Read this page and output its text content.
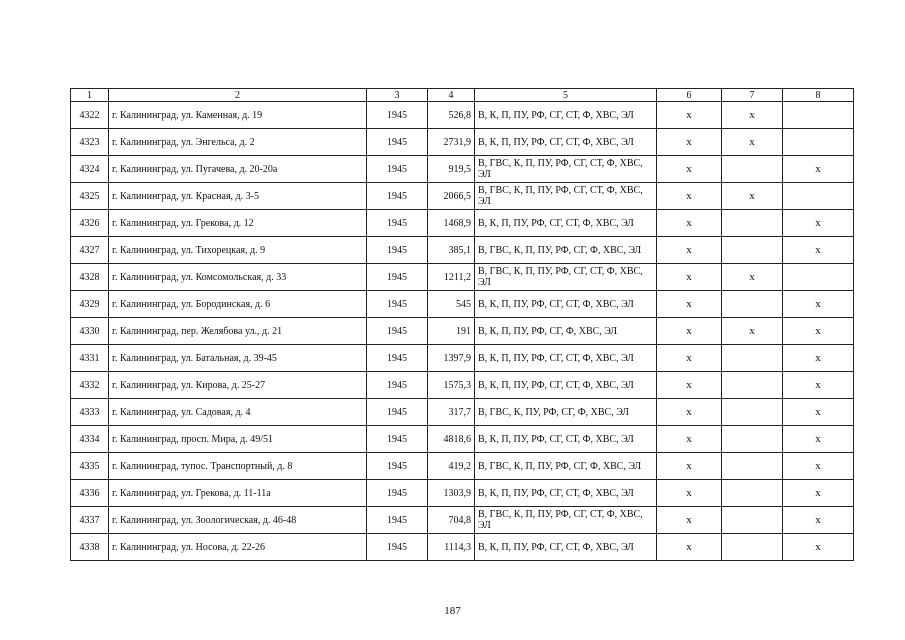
1	2	3	4	5	6	7	8
4322	г. Калининград, ул. Каменная, д. 19	1945	526,8	В, К, П, ПУ, РФ, СГ, СТ, Ф, ХВС, ЭЛ	x	x	
4323	г. Калининград, ул. Энгельса, д. 2	1945	2731,9	В, К, П, ПУ, РФ, СГ, СТ, Ф, ХВС, ЭЛ	x	x	
4324	г. Калининград, ул. Пугачева, д. 20-20а	1945	919,5	В, ГВС, К, П, ПУ, РФ, СГ, СТ, Ф, ХВС, ЭЛ	x		x
4325	г. Калининград, ул. Красная, д. 3-5	1945	2066,5	В, ГВС, К, П, ПУ, РФ, СГ, СТ, Ф, ХВС, ЭЛ	x	x	
4326	г. Калининград, ул. Грекова, д. 12	1945	1468,9	В, К, П, ПУ, РФ, СГ, СТ, Ф, ХВС, ЭЛ	x		x
4327	г. Калининград, ул. Тихорецкая, д. 9	1945	385,1	В, ГВС, К, П, ПУ, РФ, СГ, Ф, ХВС, ЭЛ	x		x
4328	г. Калининград, ул. Комсомольская, д. 33	1945	1211,2	В, ГВС, К, П, ПУ, РФ, СГ, СТ, Ф, ХВС, ЭЛ	x	x	
4329	г. Калининград, ул. Бородинская, д. 6	1945	545	В, К, П, ПУ, РФ, СГ, СТ, Ф, ХВС, ЭЛ	x		x
4330	г. Калининград, пер. Желябова ул., д. 21	1945	191	В, К, П, ПУ, РФ, СГ, Ф, ХВС, ЭЛ	x	x	x
4331	г. Калининград, ул. Батальная, д. 39-45	1945	1397,9	В, К, П, ПУ, РФ, СГ, СТ, Ф, ХВС, ЭЛ	x		x
4332	г. Калининград, ул. Кирова, д. 25-27	1945	1575,3	В, К, П, ПУ, РФ, СГ, СТ, Ф, ХВС, ЭЛ	x		x
4333	г. Калининград, ул. Садовая, д. 4	1945	317,7	В, ГВС, К, ПУ, РФ, СГ, Ф, ХВС, ЭЛ	x		x
4334	г. Калининград, просп. Мира, д. 49/51	1945	4818,6	В, К, П, ПУ, РФ, СГ, СТ, Ф, ХВС, ЭЛ	x		x
4335	г. Калининград, тупос. Транспортный, д. 8	1945	419,2	В, ГВС, К, П, ПУ, РФ, СГ, Ф, ХВС, ЭЛ	x		x
4336	г. Калининград, ул. Грекова, д. 11-11а	1945	1303,9	В, К, П, ПУ, РФ, СГ, СТ, Ф, ХВС, ЭЛ	x		x
4337	г. Калининград, ул. Зоологическая, д. 46-48	1945	704,8	В, ГВС, К, П, ПУ, РФ, СГ, СТ, Ф, ХВС, ЭЛ	x		x
4338	г. Калининград, ул. Носова, д. 22-26	1945	1114,3	В, К, П, ПУ, РФ, СГ, СТ, Ф, ХВС, ЭЛ	x		x
187
